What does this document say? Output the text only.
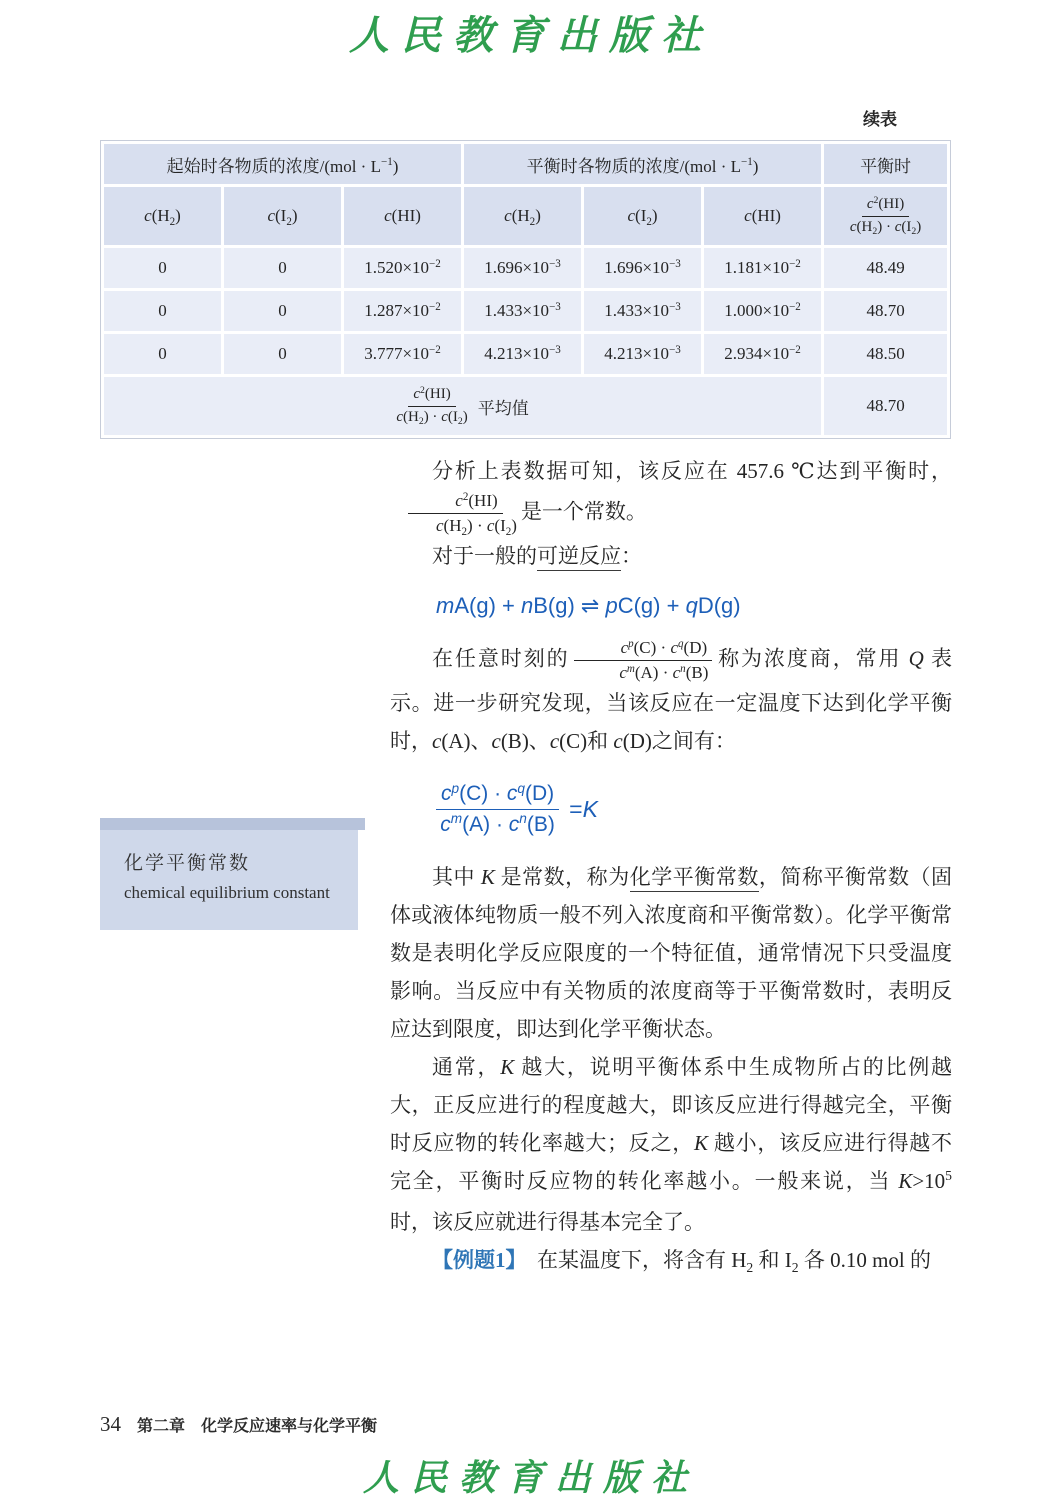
人民教育出版社
续表
起始时各物质的浓度$/(mol \cdot L^{-1})$			平衡时各物质的浓度$/(mol \cdot L^{-1})$			平衡时
$c(H_2)$	$c(I_2)$	c(HI)	$c(H_2)$	$c(I_2)$	c(HI)	$\frac{c^2(HI)}{c(H_2) \cdot c(I_2)}$

0	0	$1.520\times 10^{-2}$	$1.696\times 10^{-3}$	$1.696\times 10^{-3}$	$1.181\times 10^{-2}$	48.49
0	0	$1.287\times 10^{-2}$	$1.433\times 10^{-3}$	$1.433\times 10^{-3}$	$1.000\times 10^{-2}$	48.70
0	0	$3.777\times 10^{-2}$	$4.213\times 10^{-3}$	$4.213\times 10^{-3}$	$2.934\times 10^{-2}$	48.50

$\frac{c^2(HI)}{c(H_2) \cdot c(I_2)}$ 平均值						48.70
化学平衡常数
chemical equilibrium constant

分析上表数据可知，该反应在 457.6 ℃达到平衡时，
$\frac{c^2(HI)}{c(H_2) \cdot c(I_2)}$ 是一个常数。

对于一般的可逆反应：

mA(g) + nB(g) ⇌ pC(g) + qD(g)

在任意时刻的 $\frac{c^p(C) \cdot c^q(D)}{c^m(A) \cdot c^n(B)}$ 称为浓度商，常用 Q 表示。进一步研究发现，当该反应在一定温度下达到化学平衡时，c(A)、c(B)、c(C)和 c(D)之间有：

$\frac{c^p(C) \cdot c^q(D)}{c^m(A) \cdot c^n(B)} =K$

其中 K 是常数，称为化学平衡常数，简称平衡常数（固体或液体纯物质一般不列入浓度商和平衡常数）。化学平衡常数是表明化学反应限度的一个特征值，通常情况下只受温度影响。当反应中有关物质的浓度商等于平衡常数时，表明反应达到限度，即达到化学平衡状态。

通常，K 越大，说明平衡体系中生成物所占的比例越大，正反应进行的程度越大，即该反应进行得越完全，平衡时反应物的转化率越大；反之，K 越小，该反应进行得越不完全，平衡时反应物的转化率越小。一般来说，当 $K>10^5$ 时，该反应就进行得基本完全了。

【例题1】　在某温度下，将含有 $H_2$ 和 $I_2$ 各 0.10 mol 的

34 第二章 化学反应速率与化学平衡
人民教育出版社
